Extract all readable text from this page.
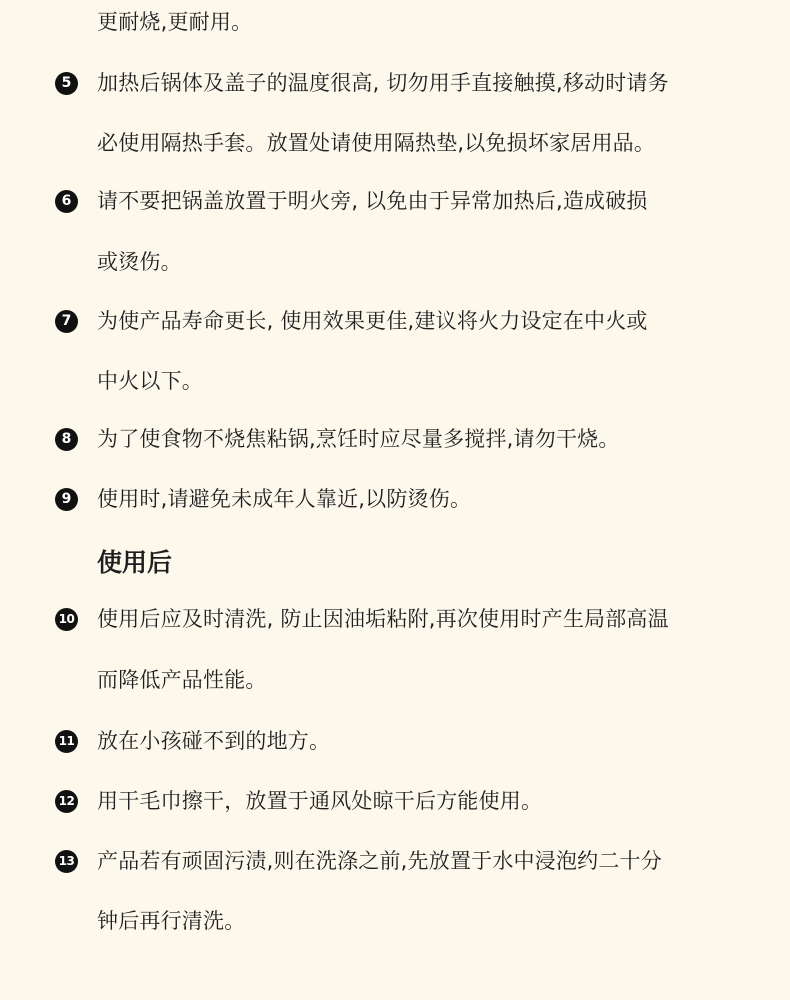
更耐烧,更耐用。

5	加热后锅体及盖子的温度很高, 切勿用手直接触摸,移动时请务

必使用隔热手套。放置处请使用隔热垫,以免损坏家居用品。

6	请不要把锅盖放置于明火旁, 以免由于异常加热后,造成破损

或烫伤。

7	为使产品寿命更长, 使用效果更佳,建议将火力设定在中火或

中火以下。

8	为了使食物不烧焦粘锅,烹饪时应尽量多搅拌,请勿干烧。

9	使用时,请避免未成年人靠近,以防烫伤。

使用后
10 使用后应及时清洗, 防止因油垢粘附,再次使用时产生局部高温

而降低产品性能。

11 放在小孩碰不到的地方。

12 用干毛巾擦干，放置于通风处晾干后方能使用。

13 产品若有顽固污渍,则在洗涤之前,先放置于水中浸泡约二十分

钟后再行清洗。
